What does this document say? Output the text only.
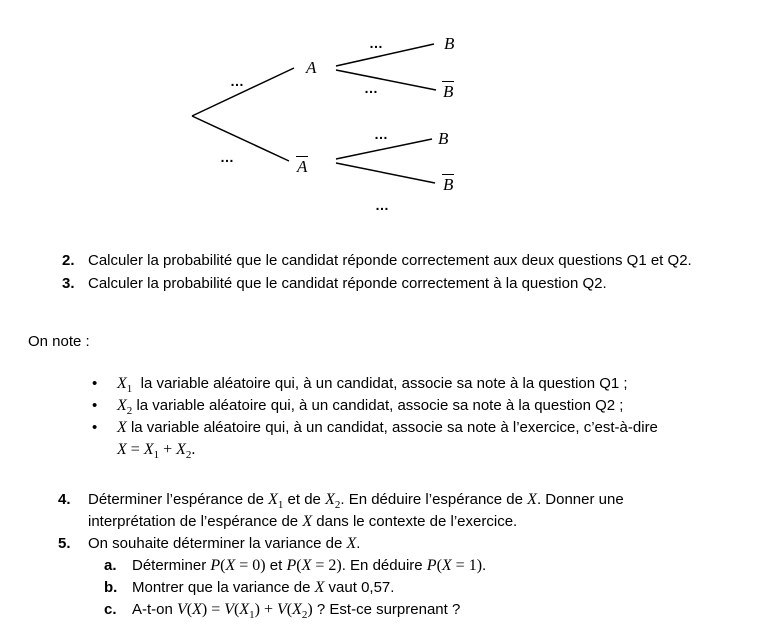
…
…
…
…
…
…
A
A
B
B
B
B
2. Calculer la probabilité que le candidat réponde correctement aux deux questions Q1 et Q2.
3. Calculer la probabilité que le candidat réponde correctement à la question Q2.
On note :
•	$X_1$  la variable aléatoire qui, à un candidat, associe sa note à la question Q1 ;
•	$X_2$ la variable aléatoire qui, à un candidat, associe sa note à la question Q2 ;
•	X la variable aléatoire qui, à un candidat, associe sa note à l’exercice, c’est-à-dire
$X = X_1 + X_2$.
4.	Déterminer l’espérance de $X_1$ et de $X_2$. En déduire l’espérance de X. Donner une
interprétation de l’espérance de X dans le contexte de l’exercice.
5.	On souhaite déterminer la variance de X.
a.	Déterminer P(X = 0) et P(X = 2). En déduire P(X = 1).
b. Montrer que la variance de X vaut 0,57.
c.	A-t-on $V(X) = V(X_1) + V(X_2)$ ? Est-ce surprenant ?
